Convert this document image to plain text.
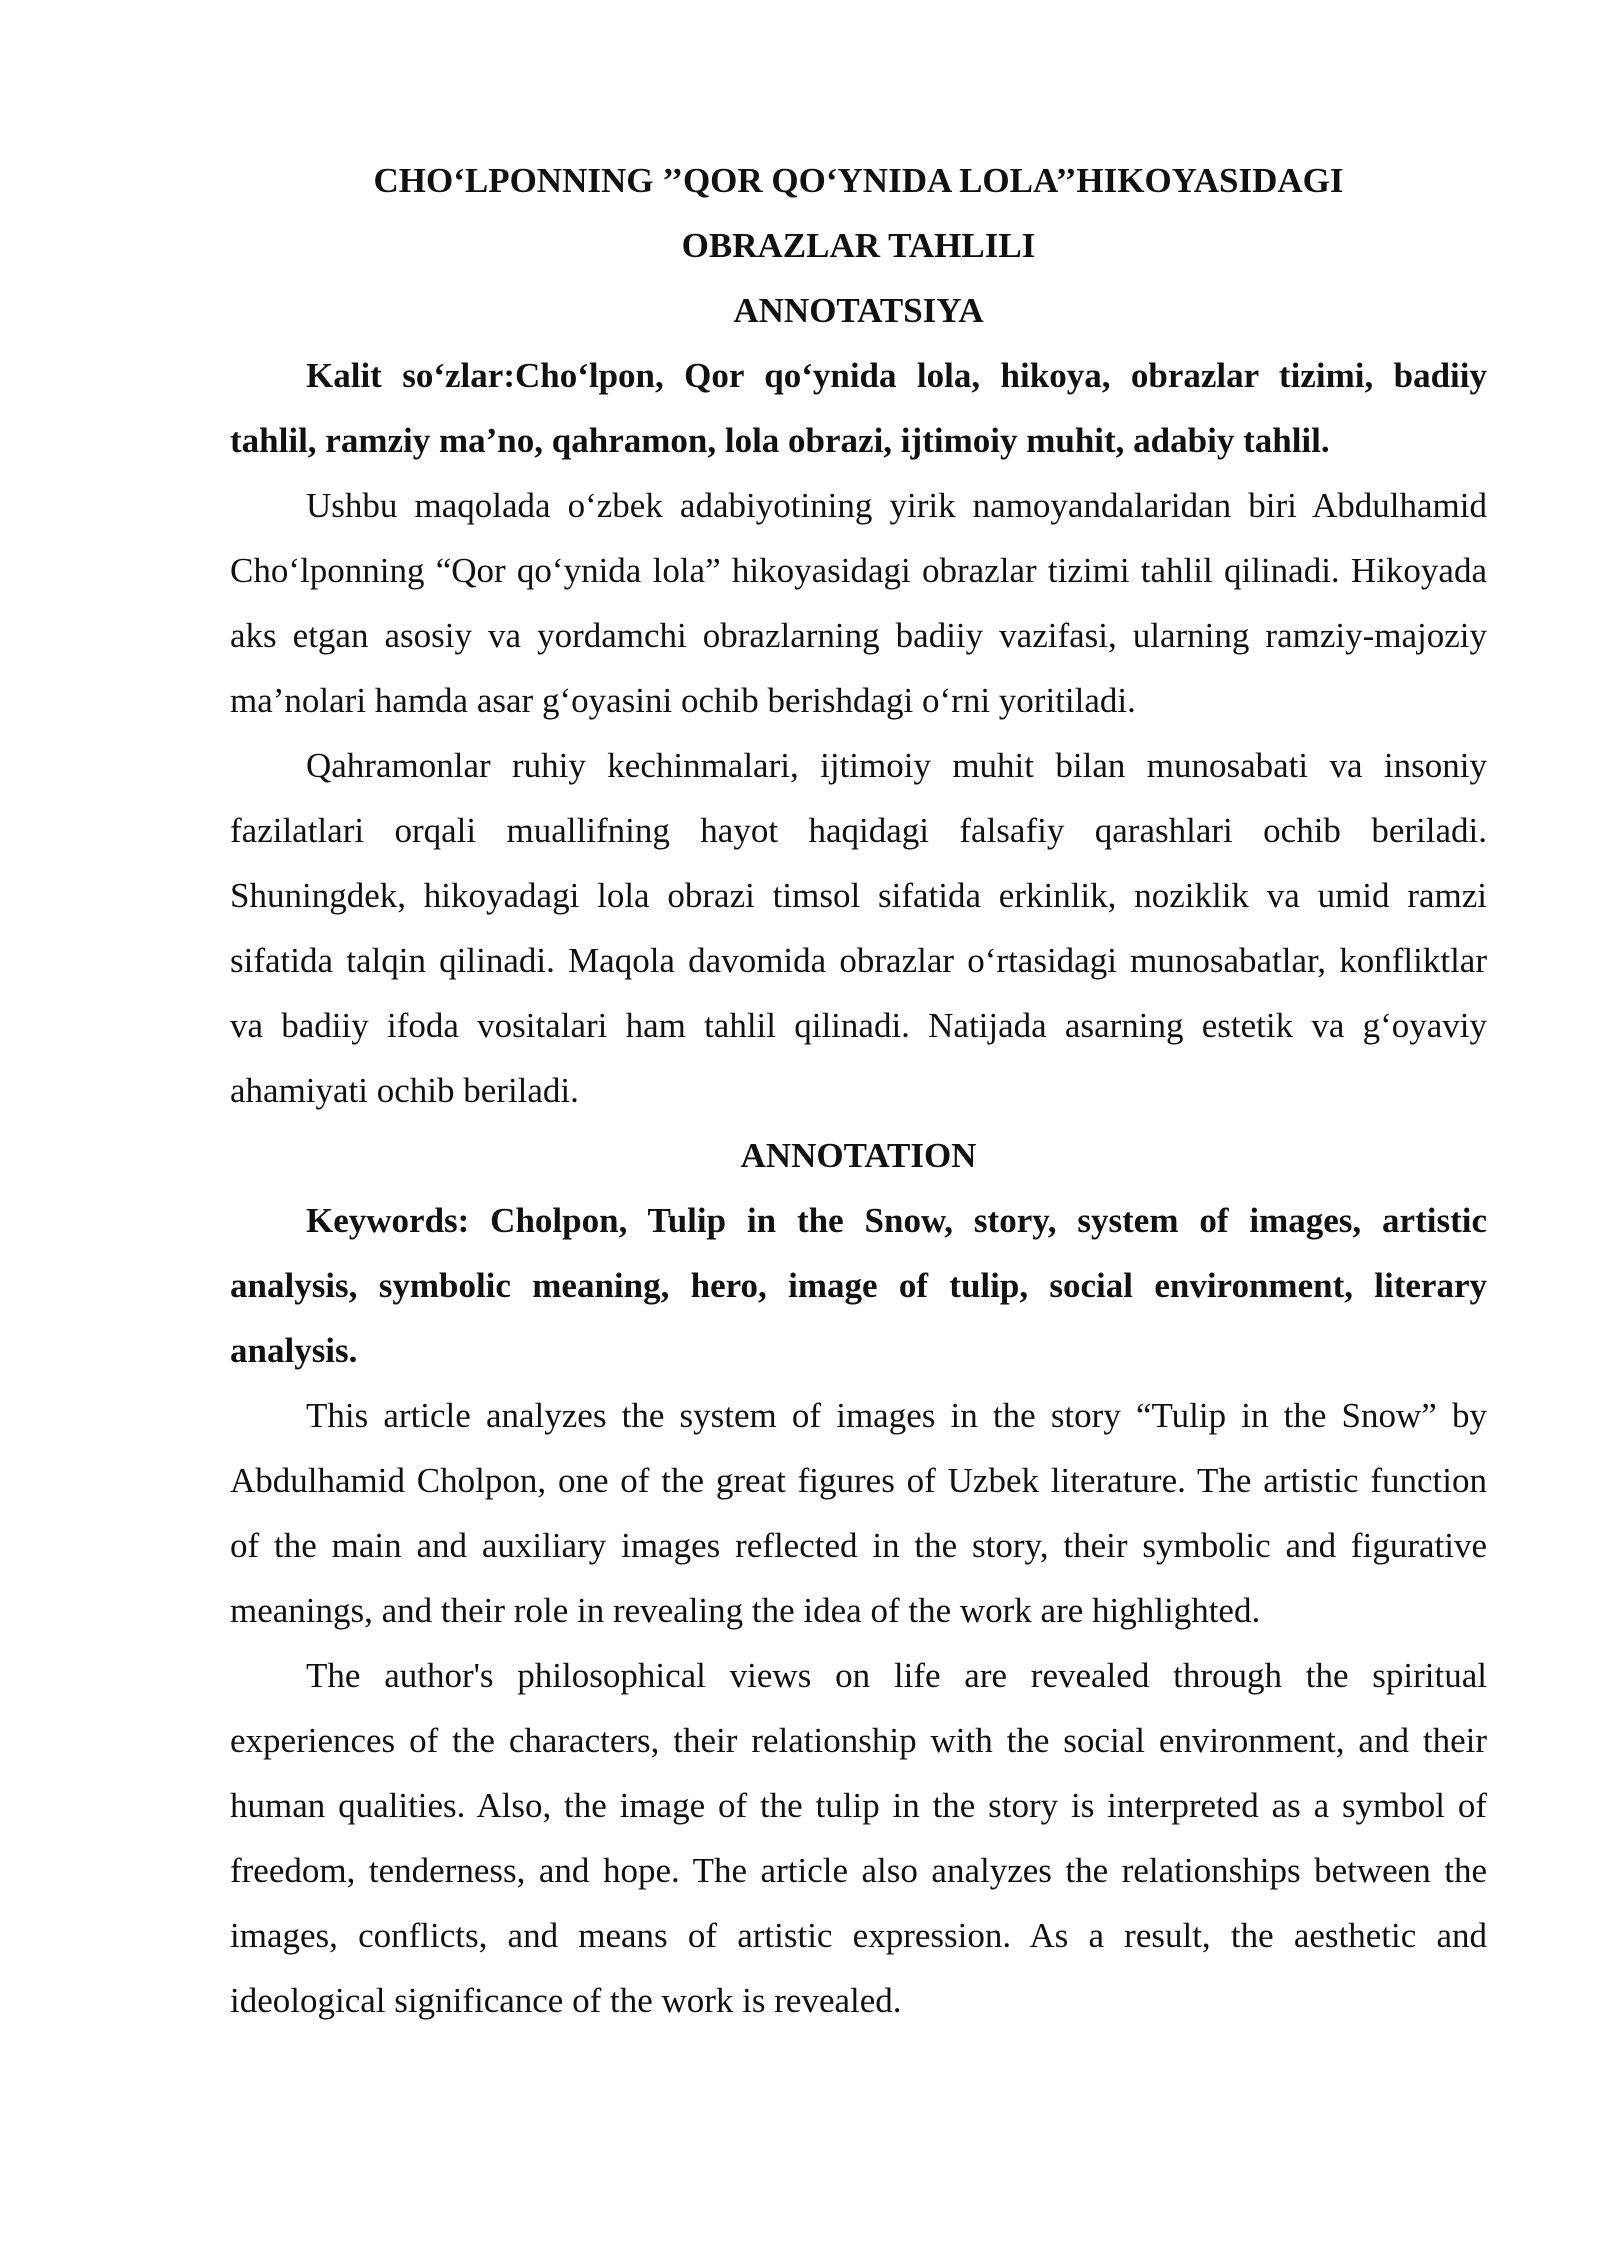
CHO‘LPONNING ’’QOR QO‘YNIDA LOLA’’HIKOYASIDAGI

OBRAZLAR TAHLILI

ANNOTATSIYA

Kalit so‘zlar:Cho‘lpon, Qor qo‘ynida lola, hikoya, obrazlar tizimi, badiiy tahlil, ramziy ma’no, qahramon, lola obrazi, ijtimoiy muhit, adabiy tahlil.

Ushbu maqolada o‘zbek adabiyotining yirik namoyandalaridan biri Abdulhamid Cho‘lponning “Qor qo‘ynida lola” hikoyasidagi obrazlar tizimi tahlil qilinadi. Hikoyada aks etgan asosiy va yordamchi obrazlarning badiiy vazifasi, ularning ramziy-majoziy ma’nolari hamda asar g‘oyasini ochib berishdagi o‘rni yoritiladi.

Qahramonlar ruhiy kechinmalari, ijtimoiy muhit bilan munosabati va insoniy fazilatlari orqali muallifning hayot haqidagi falsafiy qarashlari ochib beriladi. Shuningdek, hikoyadagi lola obrazi timsol sifatida erkinlik, noziklik va umid ramzi sifatida talqin qilinadi. Maqola davomida obrazlar o‘rtasidagi munosabatlar, konfliktlar va badiiy ifoda vositalari ham tahlil qilinadi. Natijada asarning estetik va g‘oyaviy ahamiyati ochib beriladi.

ANNOTATION

Keywords: Cholpon, Tulip in the Snow, story, system of images, artistic analysis, symbolic meaning, hero, image of tulip, social environment, literary analysis.

This article analyzes the system of images in the story “Tulip in the Snow” by Abdulhamid Cholpon, one of the great figures of Uzbek literature. The artistic function of the main and auxiliary images reflected in the story, their symbolic and figurative meanings, and their role in revealing the idea of the work are highlighted.

The author's philosophical views on life are revealed through the spiritual experiences of the characters, their relationship with the social environment, and their human qualities. Also, the image of the tulip in the story is interpreted as a symbol of freedom, tenderness, and hope. The article also analyzes the relationships between the images, conflicts, and means of artistic expression. As a result, the aesthetic and ideological significance of the work is revealed.
